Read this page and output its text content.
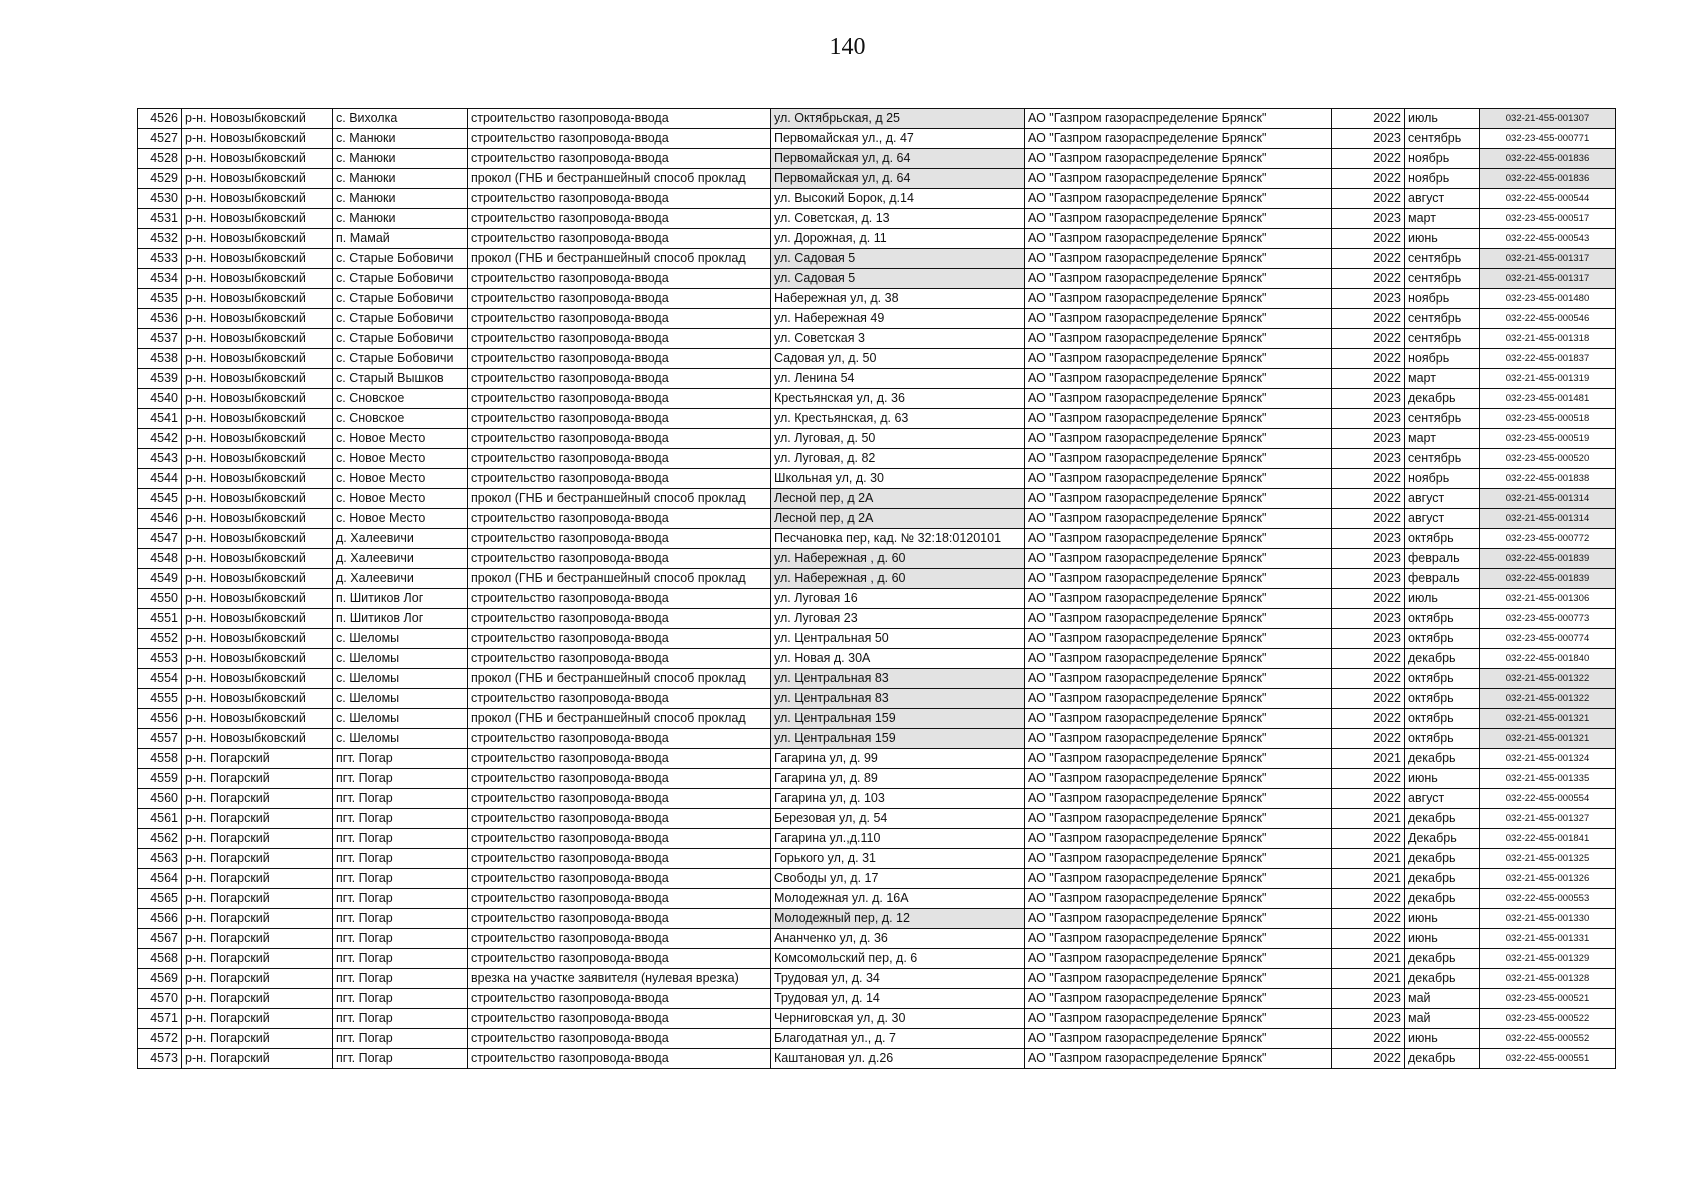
140
4526	р-н. Новозыбковский	с. Вихолка	строительство газопровода-ввода	ул. Октябрьская, д 25	АО "Газпром газораспределение Брянск"	2022	июль	032-21-455-001307
4527	р-н. Новозыбковский	с. Манюки	строительство газопровода-ввода	Первомайская ул., д. 47	АО "Газпром газораспределение Брянск"	2023	сентябрь	032-23-455-000771
4528	р-н. Новозыбковский	с. Манюки	строительство газопровода-ввода	Первомайская ул, д. 64	АО "Газпром газораспределение Брянск"	2022	ноябрь	032-22-455-001836
4529	р-н. Новозыбковский	с. Манюки	прокол (ГНБ и бестраншейный способ проклад	Первомайская ул, д. 64	АО "Газпром газораспределение Брянск"	2022	ноябрь	032-22-455-001836
4530	р-н. Новозыбковский	с. Манюки	строительство газопровода-ввода	ул. Высокий Борок, д.14	АО "Газпром газораспределение Брянск"	2022	август	032-22-455-000544
4531	р-н. Новозыбковский	с. Манюки	строительство газопровода-ввода	ул. Советская, д. 13	АО "Газпром газораспределение Брянск"	2023	март	032-23-455-000517
4532	р-н. Новозыбковский	п. Мамай	строительство газопровода-ввода	ул. Дорожная, д. 11	АО "Газпром газораспределение Брянск"	2022	июнь	032-22-455-000543
4533	р-н. Новозыбковский	с. Старые Бобовичи	прокол (ГНБ и бестраншейный способ проклад	ул. Садовая 5	АО "Газпром газораспределение Брянск"	2022	сентябрь	032-21-455-001317
4534	р-н. Новозыбковский	с. Старые Бобовичи	строительство газопровода-ввода	ул. Садовая 5	АО "Газпром газораспределение Брянск"	2022	сентябрь	032-21-455-001317
4535	р-н. Новозыбковский	с. Старые Бобовичи	строительство газопровода-ввода	Набережная ул, д. 38	АО "Газпром газораспределение Брянск"	2023	ноябрь	032-23-455-001480
4536	р-н. Новозыбковский	с. Старые Бобовичи	строительство газопровода-ввода	ул. Набережная 49	АО "Газпром газораспределение Брянск"	2022	сентябрь	032-22-455-000546
4537	р-н. Новозыбковский	с. Старые Бобовичи	строительство газопровода-ввода	ул. Советская 3	АО "Газпром газораспределение Брянск"	2022	сентябрь	032-21-455-001318
4538	р-н. Новозыбковский	с. Старые Бобовичи	строительство газопровода-ввода	Садовая ул, д. 50	АО "Газпром газораспределение Брянск"	2022	ноябрь	032-22-455-001837
4539	р-н. Новозыбковский	с. Старый Вышков	строительство газопровода-ввода	ул. Ленина 54	АО "Газпром газораспределение Брянск"	2022	март	032-21-455-001319
4540	р-н. Новозыбковский	с. Сновское	строительство газопровода-ввода	Крестьянская ул, д. 36	АО "Газпром газораспределение Брянск"	2023	декабрь	032-23-455-001481
4541	р-н. Новозыбковский	с. Сновское	строительство газопровода-ввода	ул. Крестьянская, д. 63	АО "Газпром газораспределение Брянск"	2023	сентябрь	032-23-455-000518
4542	р-н. Новозыбковский	с. Новое Место	строительство газопровода-ввода	ул. Луговая, д. 50	АО "Газпром газораспределение Брянск"	2023	март	032-23-455-000519
4543	р-н. Новозыбковский	с. Новое Место	строительство газопровода-ввода	ул. Луговая, д. 82	АО "Газпром газораспределение Брянск"	2023	сентябрь	032-23-455-000520
4544	р-н. Новозыбковский	с. Новое Место	строительство газопровода-ввода	Школьная ул, д. 30	АО "Газпром газораспределение Брянск"	2022	ноябрь	032-22-455-001838
4545	р-н. Новозыбковский	с. Новое Место	прокол (ГНБ и бестраншейный способ проклад	Лесной пер, д 2А	АО "Газпром газораспределение Брянск"	2022	август	032-21-455-001314
4546	р-н. Новозыбковский	с. Новое Место	строительство газопровода-ввода	Лесной пер, д 2А	АО "Газпром газораспределение Брянск"	2022	август	032-21-455-001314
4547	р-н. Новозыбковский	д. Халеевичи	строительство газопровода-ввода	Песчановка пер, кад. № 32:18:0120101	АО "Газпром газораспределение Брянск"	2023	октябрь	032-23-455-000772
4548	р-н. Новозыбковский	д. Халеевичи	строительство газопровода-ввода	ул. Набережная , д. 60	АО "Газпром газораспределение Брянск"	2023	февраль	032-22-455-001839
4549	р-н. Новозыбковский	д. Халеевичи	прокол (ГНБ и бестраншейный способ проклад	ул. Набережная , д. 60	АО "Газпром газораспределение Брянск"	2023	февраль	032-22-455-001839
4550	р-н. Новозыбковский	п. Шитиков Лог	строительство газопровода-ввода	ул. Луговая 16	АО "Газпром газораспределение Брянск"	2022	июль	032-21-455-001306
4551	р-н. Новозыбковский	п. Шитиков Лог	строительство газопровода-ввода	ул. Луговая 23	АО "Газпром газораспределение Брянск"	2023	октябрь	032-23-455-000773
4552	р-н. Новозыбковский	с. Шеломы	строительство газопровода-ввода	ул. Центральная 50	АО "Газпром газораспределение Брянск"	2023	октябрь	032-23-455-000774
4553	р-н. Новозыбковский	с. Шеломы	строительство газопровода-ввода	ул. Новая д. 30А	АО "Газпром газораспределение Брянск"	2022	декабрь	032-22-455-001840
4554	р-н. Новозыбковский	с. Шеломы	прокол (ГНБ и бестраншейный способ проклад	ул. Центральная 83	АО "Газпром газораспределение Брянск"	2022	октябрь	032-21-455-001322
4555	р-н. Новозыбковский	с. Шеломы	строительство газопровода-ввода	ул. Центральная 83	АО "Газпром газораспределение Брянск"	2022	октябрь	032-21-455-001322
4556	р-н. Новозыбковский	с. Шеломы	прокол (ГНБ и бестраншейный способ проклад	ул. Центральная 159	АО "Газпром газораспределение Брянск"	2022	октябрь	032-21-455-001321
4557	р-н. Новозыбковский	с. Шеломы	строительство газопровода-ввода	ул. Центральная 159	АО "Газпром газораспределение Брянск"	2022	октябрь	032-21-455-001321
4558	р-н. Погарский	пгт. Погар	строительство газопровода-ввода	Гагарина ул, д. 99	АО "Газпром газораспределение Брянск"	2021	декабрь	032-21-455-001324
4559	р-н. Погарский	пгт. Погар	строительство газопровода-ввода	Гагарина ул, д. 89	АО "Газпром газораспределение Брянск"	2022	июнь	032-21-455-001335
4560	р-н. Погарский	пгт. Погар	строительство газопровода-ввода	Гагарина ул, д. 103	АО "Газпром газораспределение Брянск"	2022	август	032-22-455-000554
4561	р-н. Погарский	пгт. Погар	строительство газопровода-ввода	Березовая ул, д. 54	АО "Газпром газораспределение Брянск"	2021	декабрь	032-21-455-001327
4562	р-н. Погарский	пгт. Погар	строительство газопровода-ввода	Гагарина ул.,д.110	АО "Газпром газораспределение Брянск"	2022	Декабрь	032-22-455-001841
4563	р-н. Погарский	пгт. Погар	строительство газопровода-ввода	Горького ул, д. 31	АО "Газпром газораспределение Брянск"	2021	декабрь	032-21-455-001325
4564	р-н. Погарский	пгт. Погар	строительство газопровода-ввода	Свободы ул, д. 17	АО "Газпром газораспределение Брянск"	2021	декабрь	032-21-455-001326
4565	р-н. Погарский	пгт. Погар	строительство газопровода-ввода	Молодежная ул. д. 16А	АО "Газпром газораспределение Брянск"	2022	декабрь	032-22-455-000553
4566	р-н. Погарский	пгт. Погар	строительство газопровода-ввода	Молодежный пер, д. 12	АО "Газпром газораспределение Брянск"	2022	июнь	032-21-455-001330
4567	р-н. Погарский	пгт. Погар	строительство газопровода-ввода	Ананченко ул, д. 36	АО "Газпром газораспределение Брянск"	2022	июнь	032-21-455-001331
4568	р-н. Погарский	пгт. Погар	строительство газопровода-ввода	Комсомольский пер, д. 6	АО "Газпром газораспределение Брянск"	2021	декабрь	032-21-455-001329
4569	р-н. Погарский	пгт. Погар	врезка на участке заявителя (нулевая врезка)	Трудовая ул, д. 34	АО "Газпром газораспределение Брянск"	2021	декабрь	032-21-455-001328
4570	р-н. Погарский	пгт. Погар	строительство газопровода-ввода	Трудовая ул, д. 14	АО "Газпром газораспределение Брянск"	2023	май	032-23-455-000521
4571	р-н. Погарский	пгт. Погар	строительство газопровода-ввода	Черниговская ул, д. 30	АО "Газпром газораспределение Брянск"	2023	май	032-23-455-000522
4572	р-н. Погарский	пгт. Погар	строительство газопровода-ввода	Благодатная ул., д. 7	АО "Газпром газораспределение Брянск"	2022	июнь	032-22-455-000552
4573	р-н. Погарский	пгт. Погар	строительство газопровода-ввода	Каштановая ул. д.26	АО "Газпром газораспределение Брянск"	2022	декабрь	032-22-455-000551
